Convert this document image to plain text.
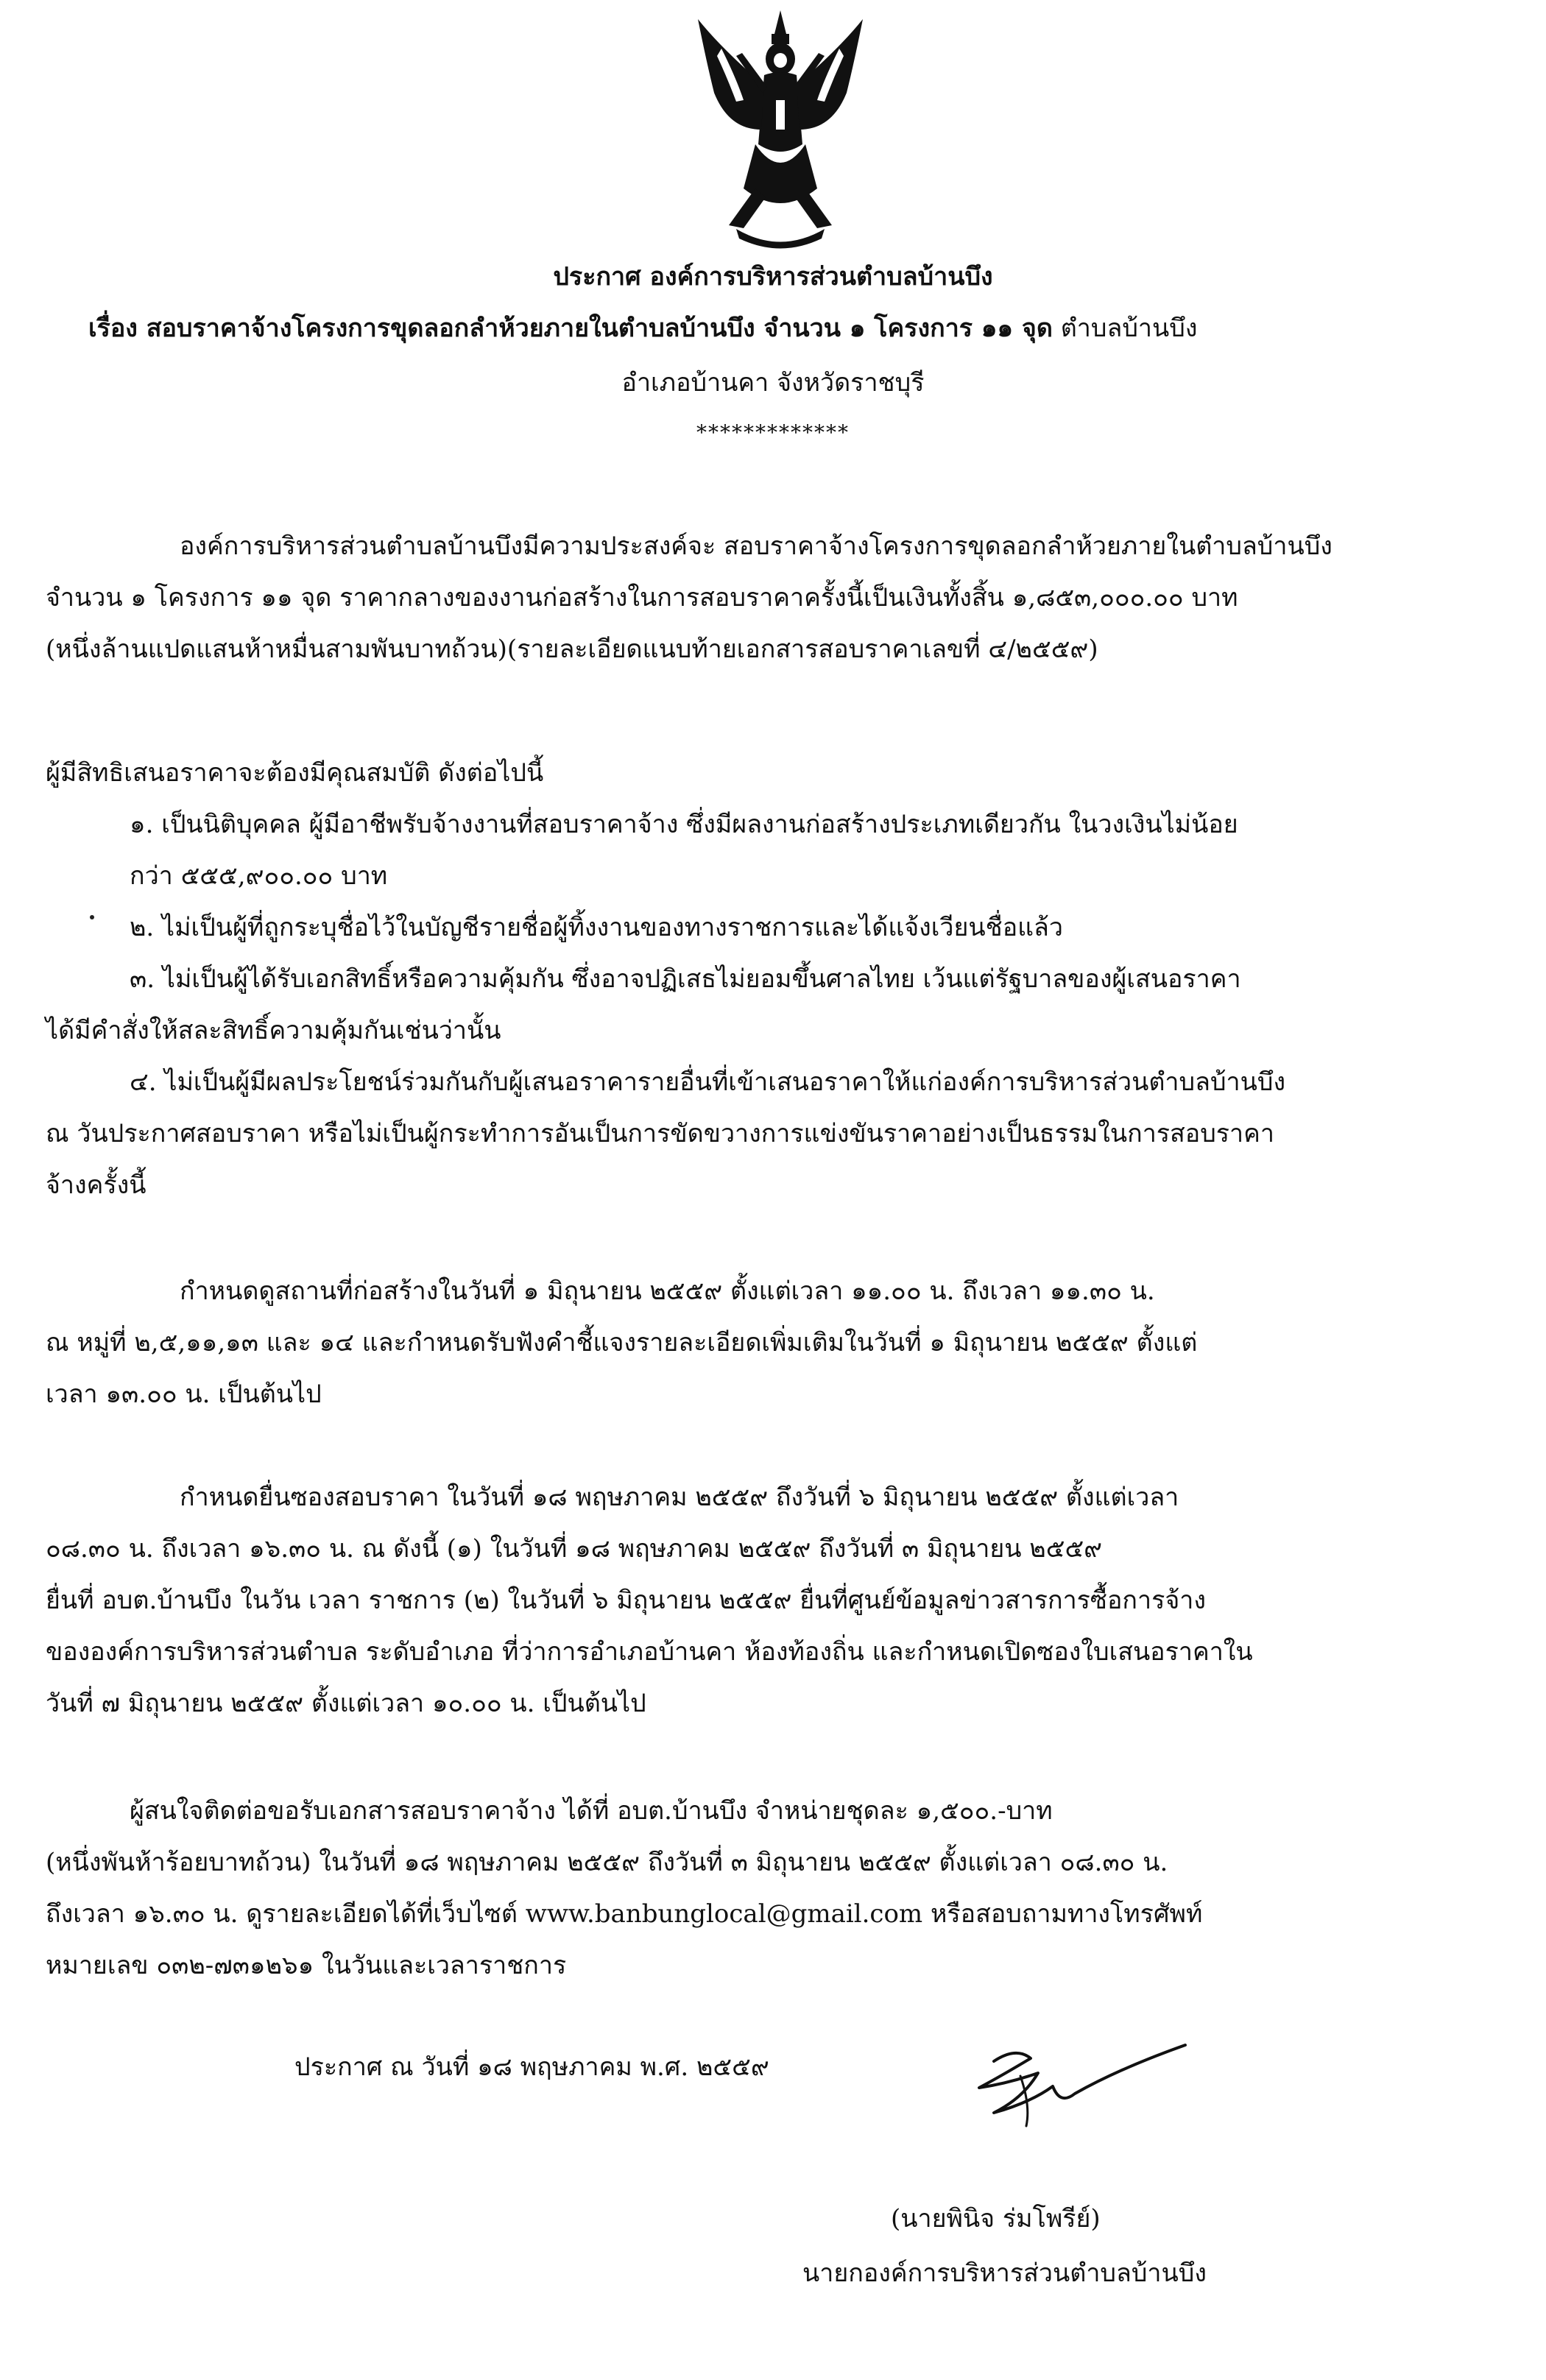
ประกาศ องค์การบริหารส่วนตำบลบ้านบึง
เรื่อง สอบราคาจ้างโครงการขุดลอกลำห้วยภายในตำบลบ้านบึง จำนวน ๑ โครงการ ๑๑ จุด ตำบลบ้านบึง
อำเภอบ้านคา จังหวัดราชบุรี
*************
องค์การบริหารส่วนตำบลบ้านบึงมีความประสงค์จะ สอบราคาจ้างโครงการขุดลอกลำห้วยภายในตำบลบ้านบึง
จำนวน ๑ โครงการ ๑๑ จุด ราคากลางของงานก่อสร้างในการสอบราคาครั้งนี้เป็นเงินทั้งสิ้น ๑,๘๕๓,๐๐๐.๐๐ บาท
(หนึ่งล้านแปดแสนห้าหมื่นสามพันบาทถ้วน)(รายละเอียดแนบท้ายเอกสารสอบราคาเลขที่ ๔/๒๕๕๙)
ผู้มีสิทธิเสนอราคาจะต้องมีคุณสมบัติ ดังต่อไปนี้
๑. เป็นนิติบุคคล ผู้มีอาชีพรับจ้างงานที่สอบราคาจ้าง ซึ่งมีผลงานก่อสร้างประเภทเดียวกัน ในวงเงินไม่น้อย
กว่า ๕๕๕,๙๐๐.๐๐ บาท
๒. ไม่เป็นผู้ที่ถูกระบุชื่อไว้ในบัญชีรายชื่อผู้ทิ้งงานของทางราชการและได้แจ้งเวียนชื่อแล้ว
๓. ไม่เป็นผู้ได้รับเอกสิทธิ์หรือความคุ้มกัน ซึ่งอาจปฏิเสธไม่ยอมขึ้นศาลไทย เว้นแต่รัฐบาลของผู้เสนอราคา
ได้มีคำสั่งให้สละสิทธิ์ความคุ้มกันเช่นว่านั้น
๔. ไม่เป็นผู้มีผลประโยชน์ร่วมกันกับผู้เสนอราคารายอื่นที่เข้าเสนอราคาให้แก่องค์การบริหารส่วนตำบลบ้านบึง
ณ วันประกาศสอบราคา หรือไม่เป็นผู้กระทำการอันเป็นการขัดขวางการแข่งขันราคาอย่างเป็นธรรมในการสอบราคา
จ้างครั้งนี้
กำหนดดูสถานที่ก่อสร้างในวันที่ ๑ มิถุนายน ๒๕๕๙ ตั้งแต่เวลา ๑๑.๐๐ น. ถึงเวลา ๑๑.๓๐ น.
ณ หมู่ที่ ๒,๕,๑๑,๑๓ และ ๑๔ และกำหนดรับฟังคำชี้แจงรายละเอียดเพิ่มเติมในวันที่ ๑ มิถุนายน ๒๕๕๙ ตั้งแต่
เวลา ๑๓.๐๐ น. เป็นต้นไป
กำหนดยื่นซองสอบราคา ในวันที่ ๑๘ พฤษภาคม ๒๕๕๙ ถึงวันที่ ๖ มิถุนายน ๒๕๕๙ ตั้งแต่เวลา
๐๘.๓๐ น. ถึงเวลา ๑๖.๓๐ น. ณ ดังนี้ (๑) ในวันที่ ๑๘ พฤษภาคม ๒๕๕๙ ถึงวันที่ ๓ มิถุนายน ๒๕๕๙
ยื่นที่ อบต.บ้านบึง ในวัน เวลา ราชการ (๒) ในวันที่ ๖ มิถุนายน ๒๕๕๙ ยื่นที่ศูนย์ข้อมูลข่าวสารการซื้อการจ้าง
ขององค์การบริหารส่วนตำบล ระดับอำเภอ ที่ว่าการอำเภอบ้านคา ห้องท้องถิ่น และกำหนดเปิดซองใบเสนอราคาใน
วันที่ ๗ มิถุนายน ๒๕๕๙ ตั้งแต่เวลา ๑๐.๐๐ น. เป็นต้นไป
ผู้สนใจติดต่อขอรับเอกสารสอบราคาจ้าง ได้ที่ อบต.บ้านบึง จำหน่ายชุดละ ๑,๕๐๐.-บาท
(หนึ่งพันห้าร้อยบาทถ้วน) ในวันที่ ๑๘ พฤษภาคม ๒๕๕๙ ถึงวันที่ ๓ มิถุนายน ๒๕๕๙ ตั้งแต่เวลา ๐๘.๓๐ น.
ถึงเวลา ๑๖.๓๐ น. ดูรายละเอียดได้ที่เว็บไซต์ www.banbunglocal@gmail.com หรือสอบถามทางโทรศัพท์
หมายเลข ๐๓๒-๗๓๑๒๖๑ ในวันและเวลาราชการ
ประกาศ ณ วันที่ ๑๘ พฤษภาคม พ.ศ. ๒๕๕๙
(นายพินิจ ร่มโพรีย์)
นายกองค์การบริหารส่วนตำบลบ้านบึง
